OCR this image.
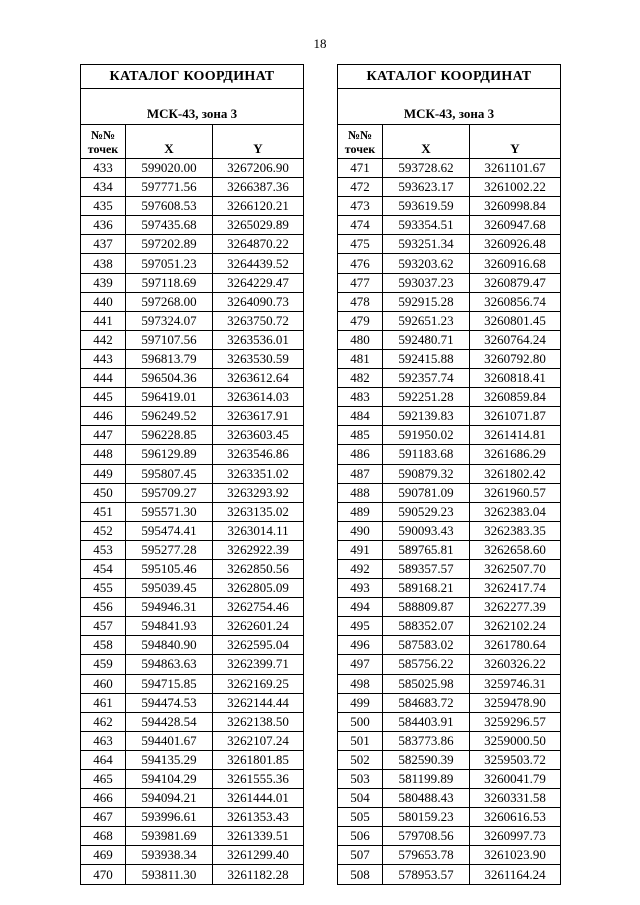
18
КАТАЛОГ КООРДИНАТ		
МСК-43, зона 3		
№№ точек	X	Y
433	599020.00	3267206.90
434	597771.56	3266387.36
435	597608.53	3266120.21
436	597435.68	3265029.89
437	597202.89	3264870.22
438	597051.23	3264439.52
439	597118.69	3264229.47
440	597268.00	3264090.73
441	597324.07	3263750.72
442	597107.56	3263536.01
443	596813.79	3263530.59
444	596504.36	3263612.64
445	596419.01	3263614.03
446	596249.52	3263617.91
447	596228.85	3263603.45
448	596129.89	3263546.86
449	595807.45	3263351.02
450	595709.27	3263293.92
451	595571.30	3263135.02
452	595474.41	3263014.11
453	595277.28	3262922.39
454	595105.46	3262850.56
455	595039.45	3262805.09
456	594946.31	3262754.46
457	594841.93	3262601.24
458	594840.90	3262595.04
459	594863.63	3262399.71
460	594715.85	3262169.25
461	594474.53	3262144.44
462	594428.54	3262138.50
463	594401.67	3262107.24
464	594135.29	3261801.85
465	594104.29	3261555.36
466	594094.21	3261444.01
467	593996.61	3261353.43
468	593981.69	3261339.51
469	593938.34	3261299.40
470	593811.30	3261182.28
КАТАЛОГ КООРДИНАТ		
МСК-43, зона 3		
№№ точек	X	Y
471	593728.62	3261101.67
472	593623.17	3261002.22
473	593619.59	3260998.84
474	593354.51	3260947.68
475	593251.34	3260926.48
476	593203.62	3260916.68
477	593037.23	3260879.47
478	592915.28	3260856.74
479	592651.23	3260801.45
480	592480.71	3260764.24
481	592415.88	3260792.80
482	592357.74	3260818.41
483	592251.28	3260859.84
484	592139.83	3261071.87
485	591950.02	3261414.81
486	591183.68	3261686.29
487	590879.32	3261802.42
488	590781.09	3261960.57
489	590529.23	3262383.04
490	590093.43	3262383.35
491	589765.81	3262658.60
492	589357.57	3262507.70
493	589168.21	3262417.74
494	588809.87	3262277.39
495	588352.07	3262102.24
496	587583.02	3261780.64
497	585756.22	3260326.22
498	585025.98	3259746.31
499	584683.72	3259478.90
500	584403.91	3259296.57
501	583773.86	3259000.50
502	582590.39	3259503.72
503	581199.89	3260041.79
504	580488.43	3260331.58
505	580159.23	3260616.53
506	579708.56	3260997.73
507	579653.78	3261023.90
508	578953.57	3261164.24
